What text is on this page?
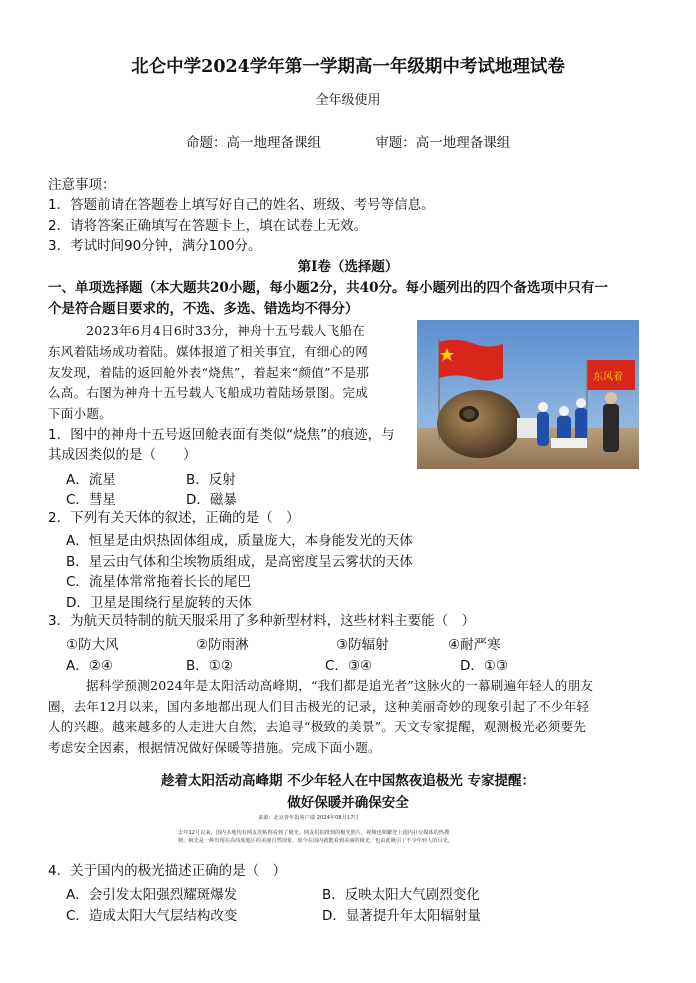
北仑中学2024学年第一学期高一年级期中考试地理试卷
全年级使用
命题：高一地理备课组	审题：高一地理备课组
注意事项：
1．答题前请在答题卷上填写好自己的姓名、班级、考号等信息。
2．请将答案正确填写在答题卡上，填在试卷上无效。
3．考试时间90分钟，满分100分。
第Ⅰ卷（选择题）
一、单项选择题（本大题共20小题，每小题2分，共40分。每小题列出的四个备选项中只有一
个是符合题目要求的，不选、多选、错选均不得分）
2023年6月4日6时33分，神舟十五号载人飞船在
东风着陆场成功着陆。媒体报道了相关事宜，有细心的网
友发现，着陆的返回舱外表“烧焦”，着起来“颜值”不是那
么高。右图为神舟十五号载人飞船成功着陆场景图。完成
下面小题。
东风着
1．图中的神舟十五号返回舱表面有类似“烧焦”的痕迹，与
其成因类似的是（　　）
A．流星	B．反射
C．彗星	D．磁暴
2．下列有关天体的叙述，正确的是（　）
A．恒星是由炽热固体组成，质量庞大，本身能发光的天体
B．星云由气体和尘埃物质组成，是高密度呈云雾状的天体
C．流星体常常拖着长长的尾巴
D．卫星是围绕行星旋转的天体
3．为航天员特制的航天服采用了多种新型材料，这些材料主要能（　）
①防大风	②防雨淋	③防辐射	④耐严寒
A．②④	B．①②	C．③④	D．①③
据科学预测2024年是太阳活动高峰期，“我们都是追光者”这脉火的一幕刷遍年轻人的朋友
圈，去年12月以来，国内多地都出现人们目击极光的记录，这种美丽奇妙的现象引起了不少年轻
人的兴趣。越来越多的人走进大自然，去追寻“极致的美景”。天文专家提醒，观测极光必须要先
考虑安全因素，根据情况做好保暖等措施。完成下面小题。
趁着太阳活动高峰期 不少年轻人在中国熬夜追极光 专家提醒：
做好保暖并确保安全
来源：北京青年报客户端 2024年08月17日
去年12月以来，国内多地均有网友发帖称看到了极光。网友们拍摄到的极光照片，视频也频繁登上国内社交媒体的热搜
榜。极光是一种出现在高纬度地区的美丽自然现象，如今在国内就能看到美丽的极光，也由此吸引了不少年轻人的目光。
4．关于国内的极光描述正确的是（　）
A．会引发太阳强烈耀斑爆发	B．反映太阳大气剧烈变化
C．造成太阳大气层结构改变	D．显著提升年太阳辐射量
